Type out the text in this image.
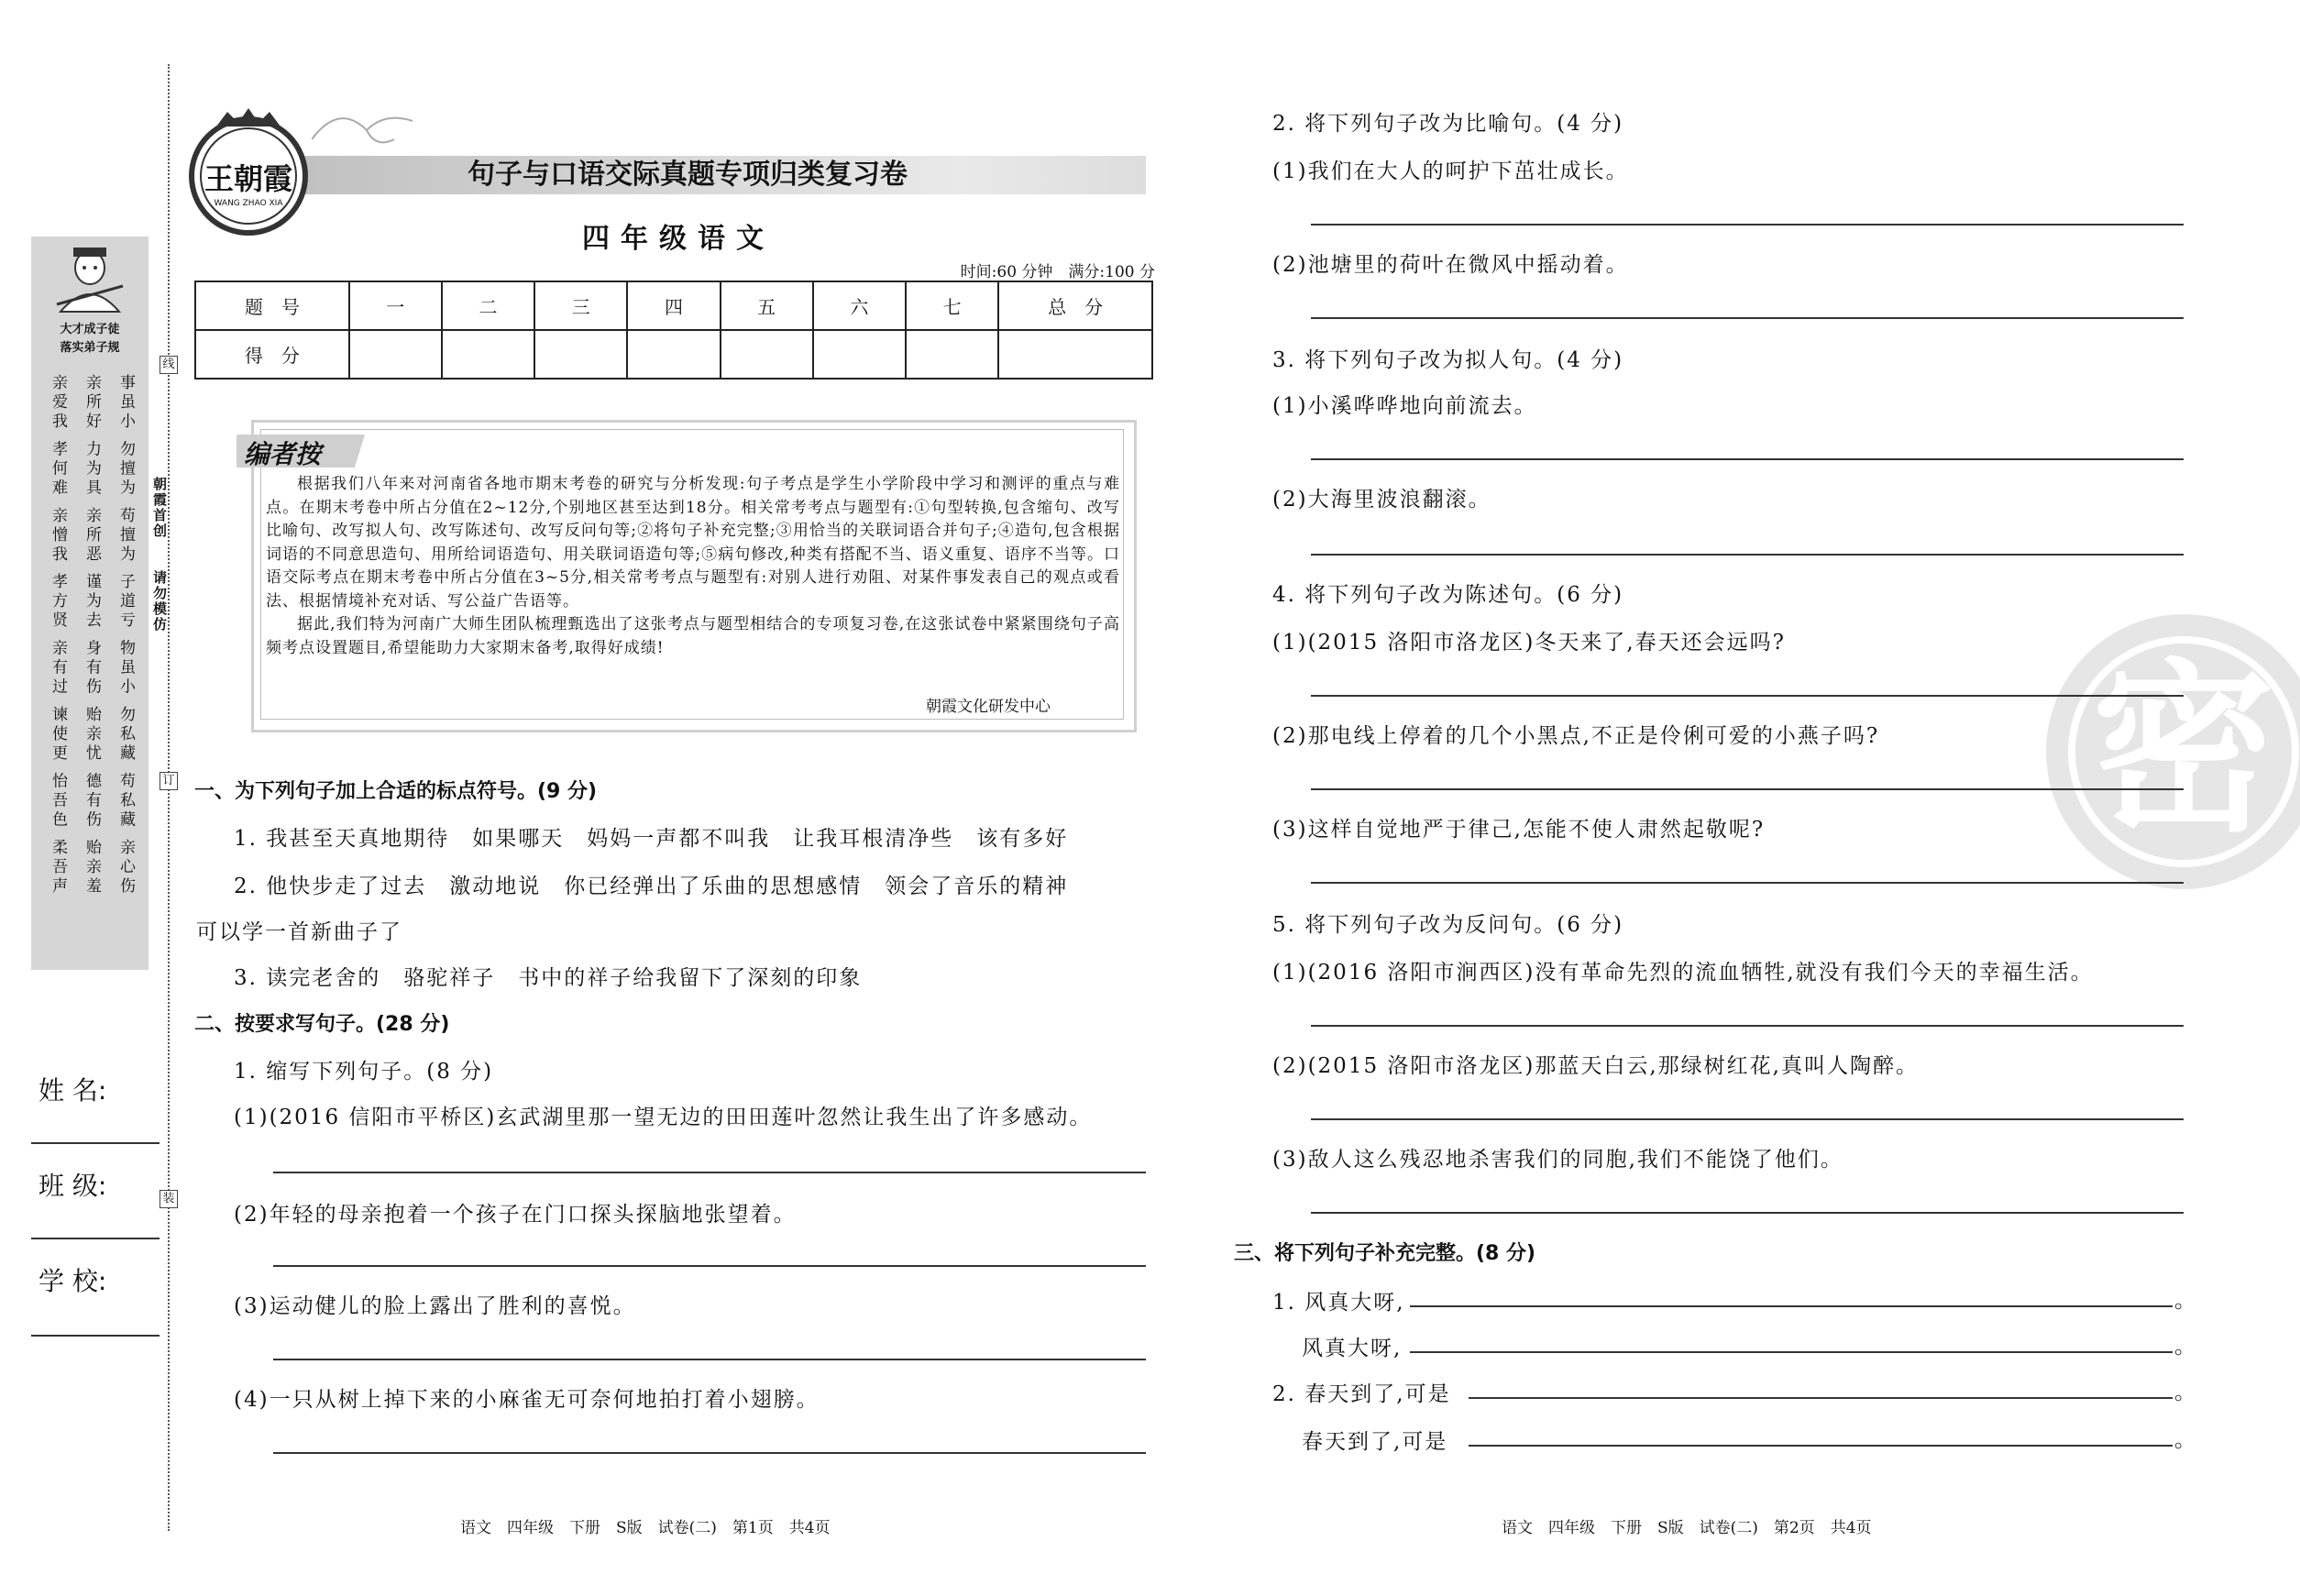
大才成子徒
落实弟子规
事虽小 勿擅为 苟擅为 子道亏 物虽小 勿私藏 苟私藏 亲心伤
亲所好 力为具 亲所恶 谨为去 身有伤 贻亲忧 德有伤 贻亲羞
亲爱我 孝何难 亲憎我 孝方贤 亲有过 谏使更 怡吾色 柔吾声
姓 名:
班 级:
学 校:
线
订
装
朝霞首创
请勿模仿
王朝霞
WANG ZHAO XIA
句子与口语交际真题专项归类复习卷
四年级语文
时间:60 分钟　满分:100 分
题　号	一	二	三	四	五	六	七	总　分
得　分								
编者按

根据我们八年来对河南省各地市期末考卷的研究与分析发现:句子考点是学生小学阶段中学习和测评的重点与难点。在期末考卷中所占分值在2~12分,个别地区甚至达到18分。相关常考考点与题型有:①句型转换,包含缩句、改写比喻句、改写拟人句、改写陈述句、改写反问句等;②将句子补充完整;③用恰当的关联词语合并句子;④造句,包含根据词语的不同意思造句、用所给词语造句、用关联词语造句等;⑤病句修改,种类有搭配不当、语义重复、语序不当等。口语交际考点在期末考卷中所占分值在3~5分,相关常考考点与题型有:对别人进行劝阻、对某件事发表自己的观点或看法、根据情境补充对话、写公益广告语等。

据此,我们特为河南广大师生团队梳理甄选出了这张考点与题型相结合的专项复习卷,在这张试卷中紧紧围绕句子高频考点设置题目,希望能助力大家期末备考,取得好成绩!

朝霞文化研发中心
一、为下列句子加上合适的标点符号。(9 分)
1. 我甚至天真地期待　如果哪天　妈妈一声都不叫我　让我耳根清净些　该有多好
2. 他快步走了过去　激动地说　你已经弹出了乐曲的思想感情　领会了音乐的精神
可以学一首新曲子了
3. 读完老舍的　骆驼祥子　书中的祥子给我留下了深刻的印象
二、按要求写句子。(28 分)
1. 缩写下列句子。(8 分)
(1)(2016 信阳市平桥区)玄武湖里那一望无边的田田莲叶忽然让我生出了许多感动。
(2)年轻的母亲抱着一个孩子在门口探头探脑地张望着。
(3)运动健儿的脸上露出了胜利的喜悦。
(4)一只从树上掉下来的小麻雀无可奈何地拍打着小翅膀。
语文　四年级　下册　S版　试卷(二)　第1页　共4页
密
2. 将下列句子改为比喻句。(4 分)
(1)我们在大人的呵护下茁壮成长。
(2)池塘里的荷叶在微风中摇动着。
3. 将下列句子改为拟人句。(4 分)
(1)小溪哗哗地向前流去。
(2)大海里波浪翻滚。
4. 将下列句子改为陈述句。(6 分)
(1)(2015 洛阳市洛龙区)冬天来了,春天还会远吗?
(2)那电线上停着的几个小黑点,不正是伶俐可爱的小燕子吗?
(3)这样自觉地严于律己,怎能不使人肃然起敬呢?
5. 将下列句子改为反问句。(6 分)
(1)(2016 洛阳市涧西区)没有革命先烈的流血牺牲,就没有我们今天的幸福生活。
(2)(2015 洛阳市洛龙区)那蓝天白云,那绿树红花,真叫人陶醉。
(3)敌人这么残忍地杀害我们的同胞,我们不能饶了他们。
三、将下列句子补充完整。(8 分)
1. 风真大呀,	。
风真大呀,	。
2. 春天到了,可是	。
春天到了,可是	。
语文　四年级　下册　S版　试卷(二)　第2页　共4页
